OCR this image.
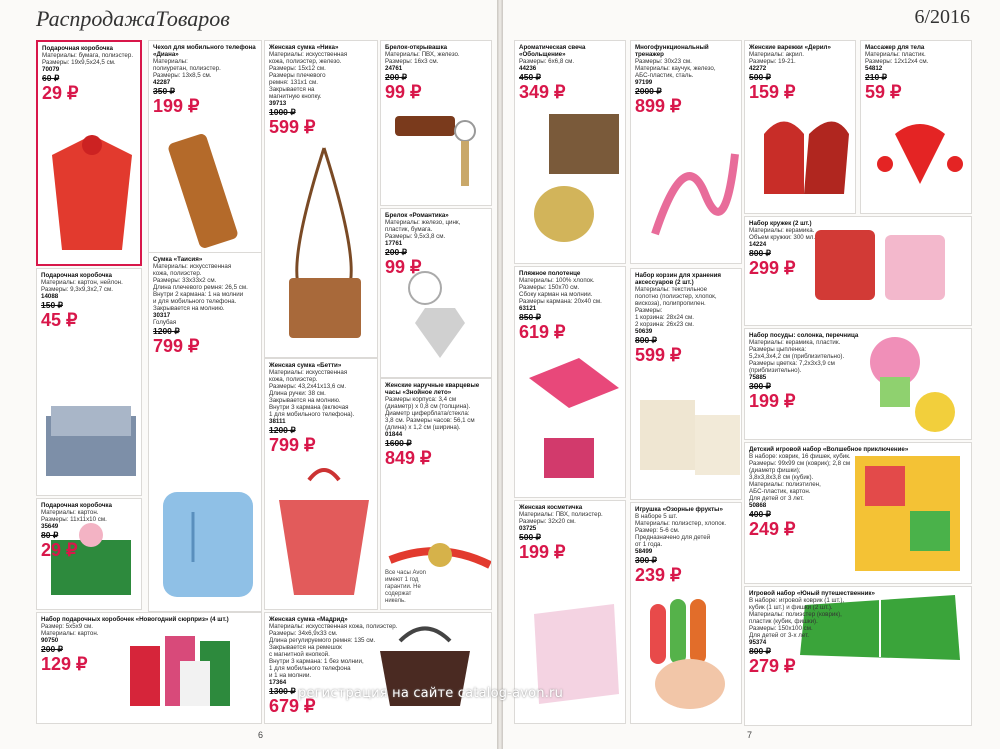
РаспродажаТоваров	6/2016
Подарочная коробочка
Материалы: бумага, полиэстер.
Размеры: 19x9,5x24,5 см.
70079
60 ₽
29 ₽
Чехол для мобильного телефона «Диана»
Материалы:
полиуретан, полиэстер.
Размеры: 13x8,5 см.
42287
350 ₽
199 ₽
Женская сумка «Ника»
Материалы: искусственная
кожа, полиэстер, железо.
Размеры: 15x12 см.
Размеры плечевого
ремня: 131x1 см.
Закрывается на
магнитную кнопку.
39713
1000 ₽
599 ₽
Брелок-открывашка
Материалы: ПВХ, железо.
Размеры: 16x3 см.
24761
200 ₽
99 ₽
Подарочная коробочка
Материалы: картон, нейлон.
Размеры: 9,3x9,3x2,7 см.
14088
150 ₽
45 ₽
Сумка «Таисия»
Материалы: искусственная
кожа, полиэстер.
Размеры: 33x33x2 см.
Длина плечевого ремня: 26,5 см.
Внутри 2 кармана: 1 на молнии
и для мобильного телефона.
Закрывается на молнию.
30317
Голубая
1200 ₽
799 ₽
Брелок «Романтика»
Материалы: железо, цинк,
пластик, бумага.
Размеры: 9,5x3,8 см.
17761
200 ₽
99 ₽
Женская сумка «Бетти»
Материалы: искусственная
кожа, полиэстер.
Размеры: 43,2x41x13,6 см.
Длина ручки: 38 см.
Закрывается на молнию.
Внутри 3 кармана (включая
1 для мобильного телефона).
38111
1200 ₽
799 ₽
Женские наручные кварцевые часы «Знойное лето»
Размеры корпуса: 3,4 см
(диаметр) x 0,8 см (толщина).
Диаметр циферблата/стекла:
3,8 см. Размеры часов: 56,1 см
(длина) x 1,2 см (ширина).
01844
1600 ₽
849 ₽
Все часы Avon имеют 1 год гарантии. Не содержат никель.
Подарочная коробочка
Материалы: картон.
Размеры: 11x11x10 см.
35649
80 ₽
29 ₽
Набор подарочных коробочек «Новогодний сюрприз» (4 шт.)
Размер: 5x5x9 см.
Материалы: картон.
90750
200 ₽
129 ₽
Женская сумка «Мадрид»
Материалы: искусственная кожа, полиэстер.
Размеры: 34x6,9x33 см.
Длина регулируемого ремня: 135 см.
Закрывается на ремешок
с магнитной кнопкой.
Внутри 3 кармана: 1 без молнии,
1 для мобильного телефона
и 1 на молнии.
17364
1300 ₽
679 ₽
Ароматическая свеча «Обольщение»
Размеры: 6x6,8 см.
44236
450 ₽
349 ₽
Многофункциональный тренажер
Размеры: 30x23 см.
Материалы: каучук, железо,
АБС-пластик, сталь.
97199
2000 ₽
899 ₽
Женские варежки «Дерил»
Материалы: акрил.
Размеры: 19-21.
42272
500 ₽
159 ₽
Массажер для тела
Материалы: пластик.
Размеры: 12x12x4 см.
54812
210 ₽
59 ₽
Набор кружек (2 шт.)
Материалы: керамика.
Объем кружки: 300 мл.
14224
800 ₽
299 ₽
Пляжное полотенце
Материалы: 100% хлопок.
Размеры: 150x70 см.
Сбоку карман на молнии.
Размеры кармана: 20x40 см.
63121
850 ₽
619 ₽
Набор корзин для хранения аксессуаров (2 шт.)
Материалы: текстильное
полотно (полиэстер, хлопок,
вискоза), полипропилен.
Размеры:
1 корзина: 28x24 см.
2 корзина: 26x23 см.
50639
800 ₽
599 ₽
Набор посуды: солонка, перечница
Материалы: керамика, пластик.
Размеры цыпленка:
5,2x4,3x4,2 см (приблизительно).
Размеры цветка: 7,2x3x3,9 см
(приблизительно).
75885
300 ₽
199 ₽
Женская косметичка
Материалы: ПВХ, полиэстер.
Размеры: 32x20 см.
03725
500 ₽
199 ₽
Игрушка «Озорные фрукты»
В наборе 5 шт.
Материалы: полиэстер, хлопок.
Размер: 5-6 см.
Предназначено для детей
от 1 года.
58499
300 ₽
239 ₽
Детский игровой набор «Волшебное приключение»
В наборе: коврик, 16 фишек, кубик.
Размеры: 99x99 см (коврик); 2,8 см
(диаметр фишки);
3,8x3,8x3,8 см (кубик).
Материалы: полиэтилен,
АБС-пластик, картон.
Для детей от 3 лет.
50868
400 ₽
249 ₽
Игровой набор «Юный путешественник»
В наборе: игровой коврик (1 шт.),
кубик (1 шт.) и фишки (2 шт.).
Материалы: полиэстер (коврик),
пластик (кубик, фишки).
Размеры: 150x100 см.
Для детей от 3-х лет.
95374
800 ₽
279 ₽
регистрация на сайте catalog-avon.ru
6	7
